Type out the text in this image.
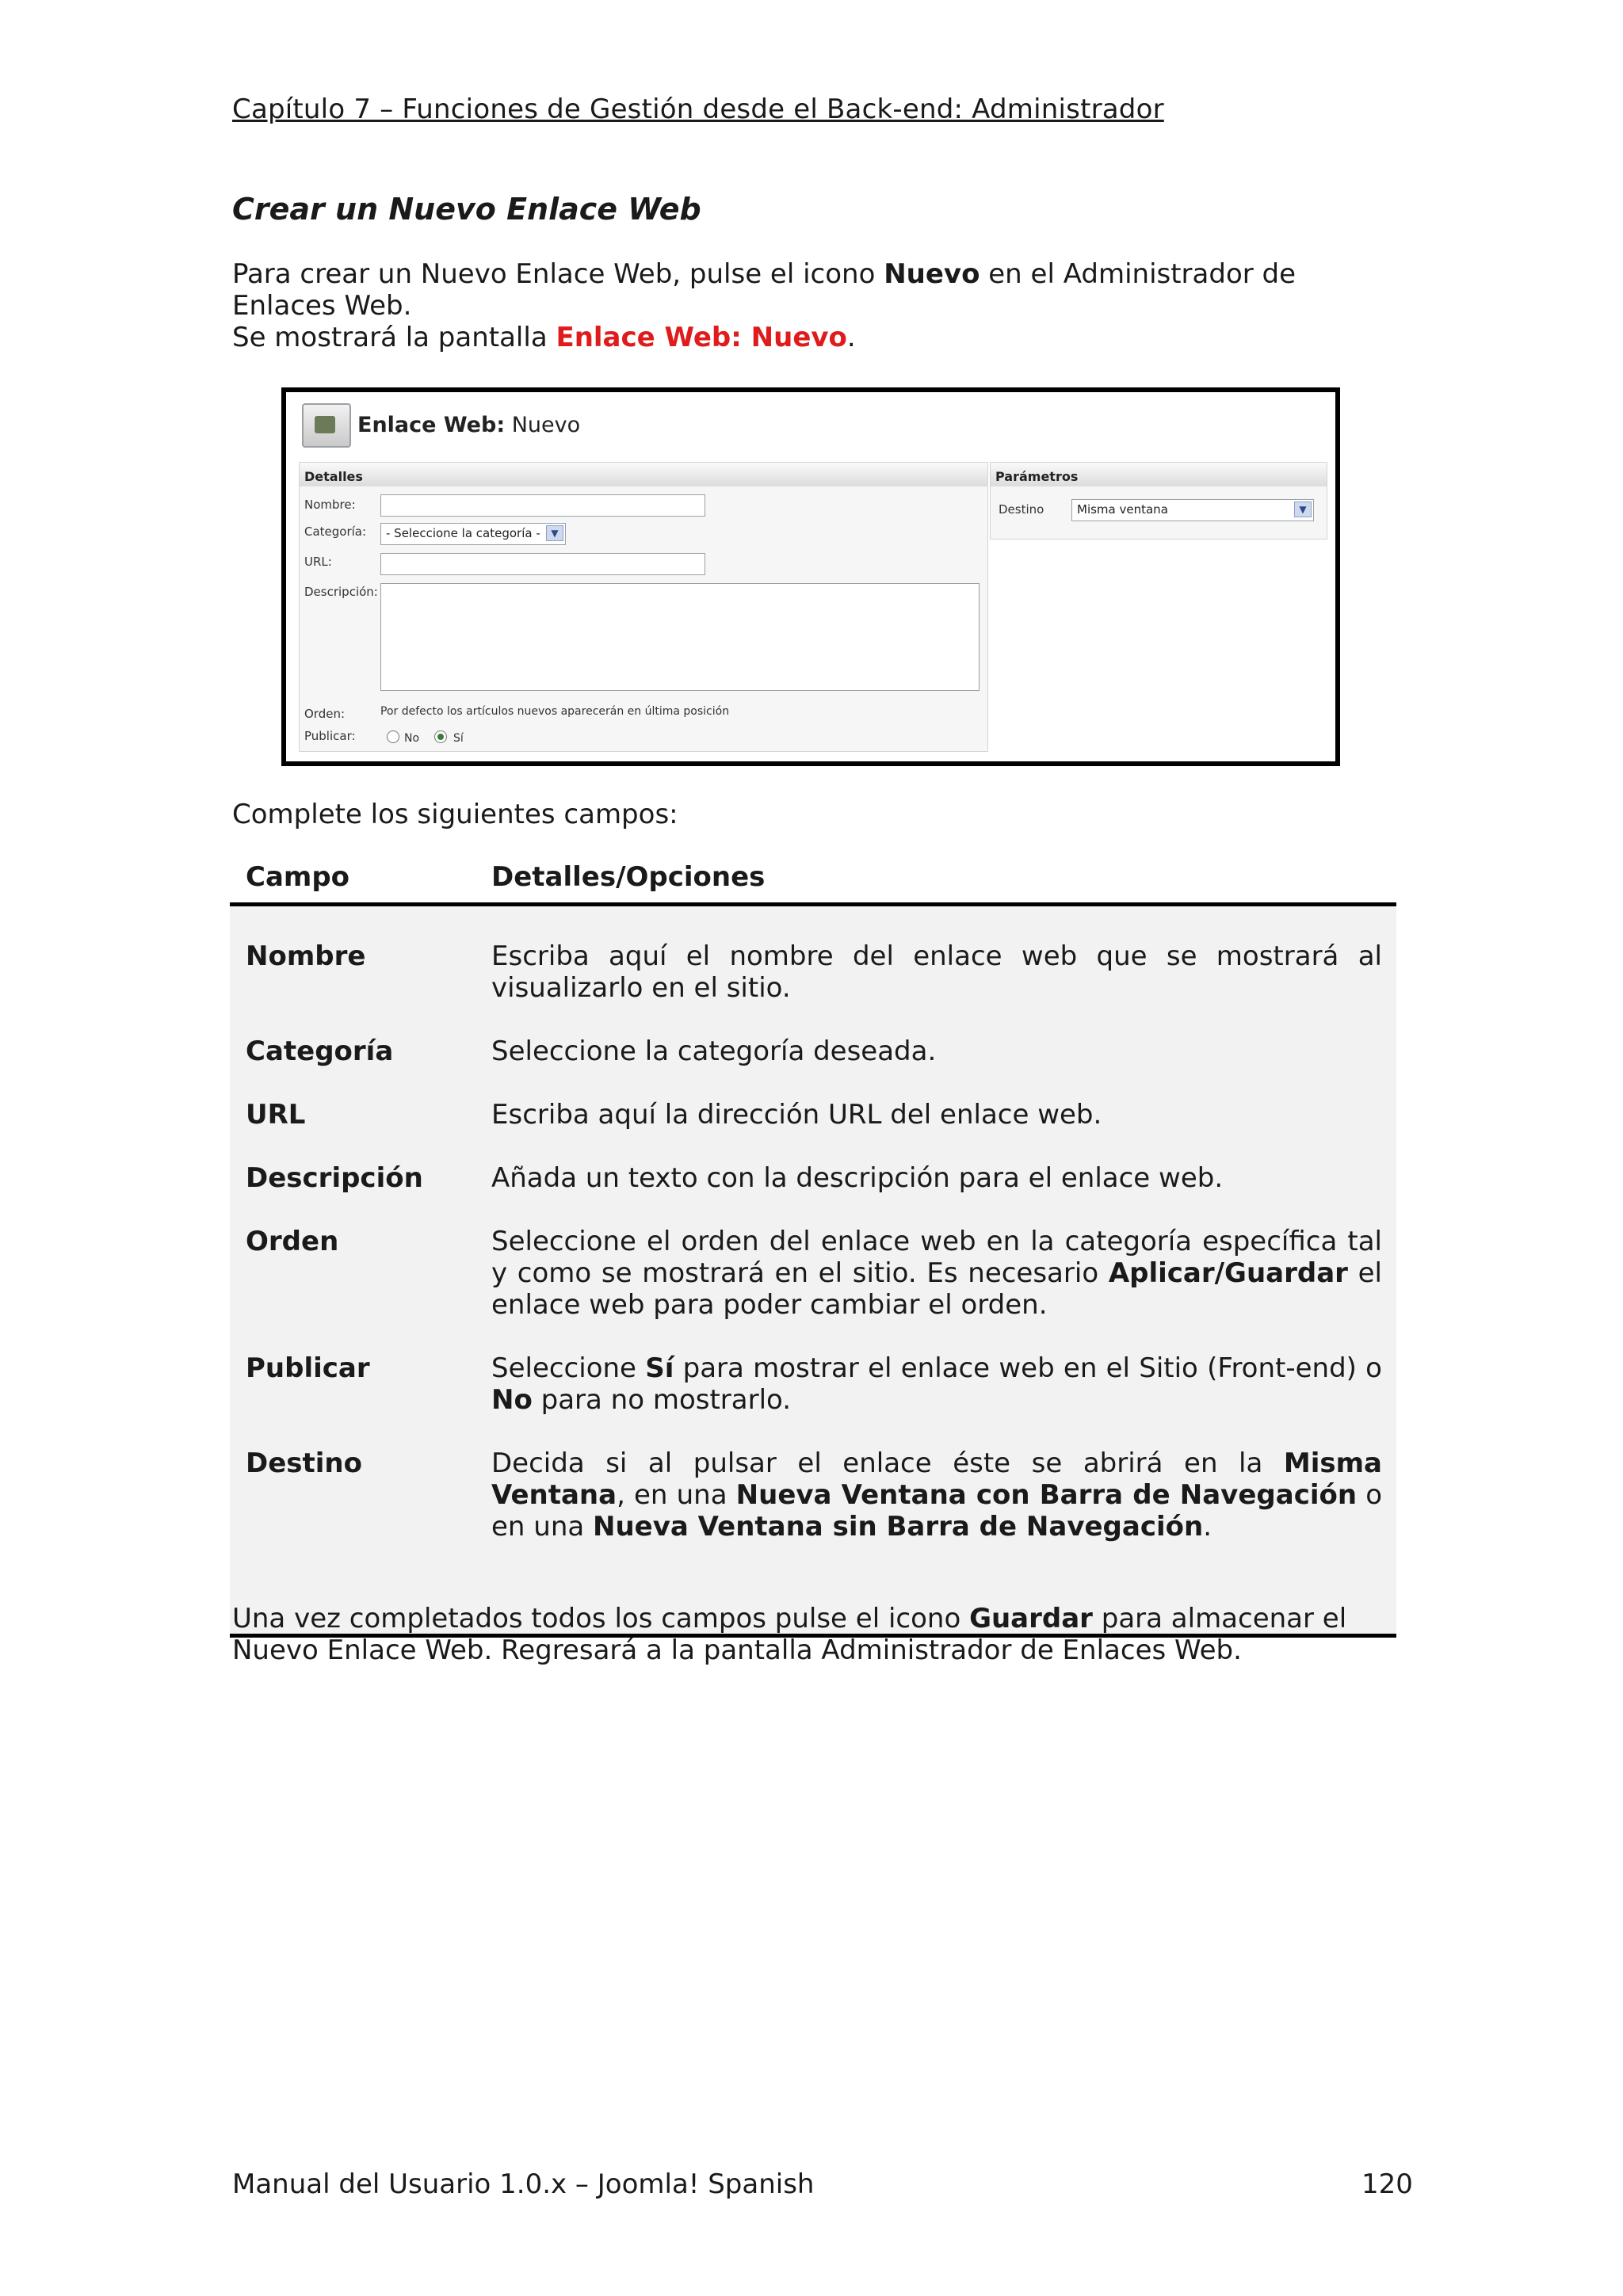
Capítulo 7 – Funciones de Gestión desde el Back-end: Administrador
Crear un Nuevo Enlace Web
Para crear un Nuevo Enlace Web, pulse el icono Nuevo en el Administrador de Enlaces Web.
Se mostrará la pantalla Enlace Web: Nuevo.
Enlace Web: Nuevo
Detalles
Nombre:
Categoría:	- Seleccione la categoría -	▼
URL:
Descripción:
Orden:	Por defecto los artículos nuevos aparecerán en última posición
Publicar:	No	Sí
Parámetros
Destino	Misma ventana	▼
Complete los siguientes campos:
Campo	Detalles/Opciones
Nombre	Escriba aquí el nombre del enlace web que se mostrará al visualizarlo en el sitio.
Categoría	Seleccione la categoría deseada.
URL	Escriba aquí la dirección URL del enlace web.
Descripción	Añada un texto con la descripción para el enlace web.
Orden	Seleccione el orden del enlace web en la categoría específica tal y como se mostrará en el sitio. Es necesario Aplicar/Guardar el enlace web para poder cambiar el orden.
Publicar	Seleccione Sí para mostrar el enlace web en el Sitio (Front-end) o No para no mostrarlo.
Destino	Decida si al pulsar el enlace éste se abrirá en la Misma Ventana, en una Nueva Ventana con Barra de Navegación o en una Nueva Ventana sin Barra de Navegación.
Una vez completados todos los campos pulse el icono Guardar para almacenar el Nuevo Enlace Web. Regresará a la pantalla Administrador de Enlaces Web.
Manual del Usuario 1.0.x – Joomla! Spanish	120
